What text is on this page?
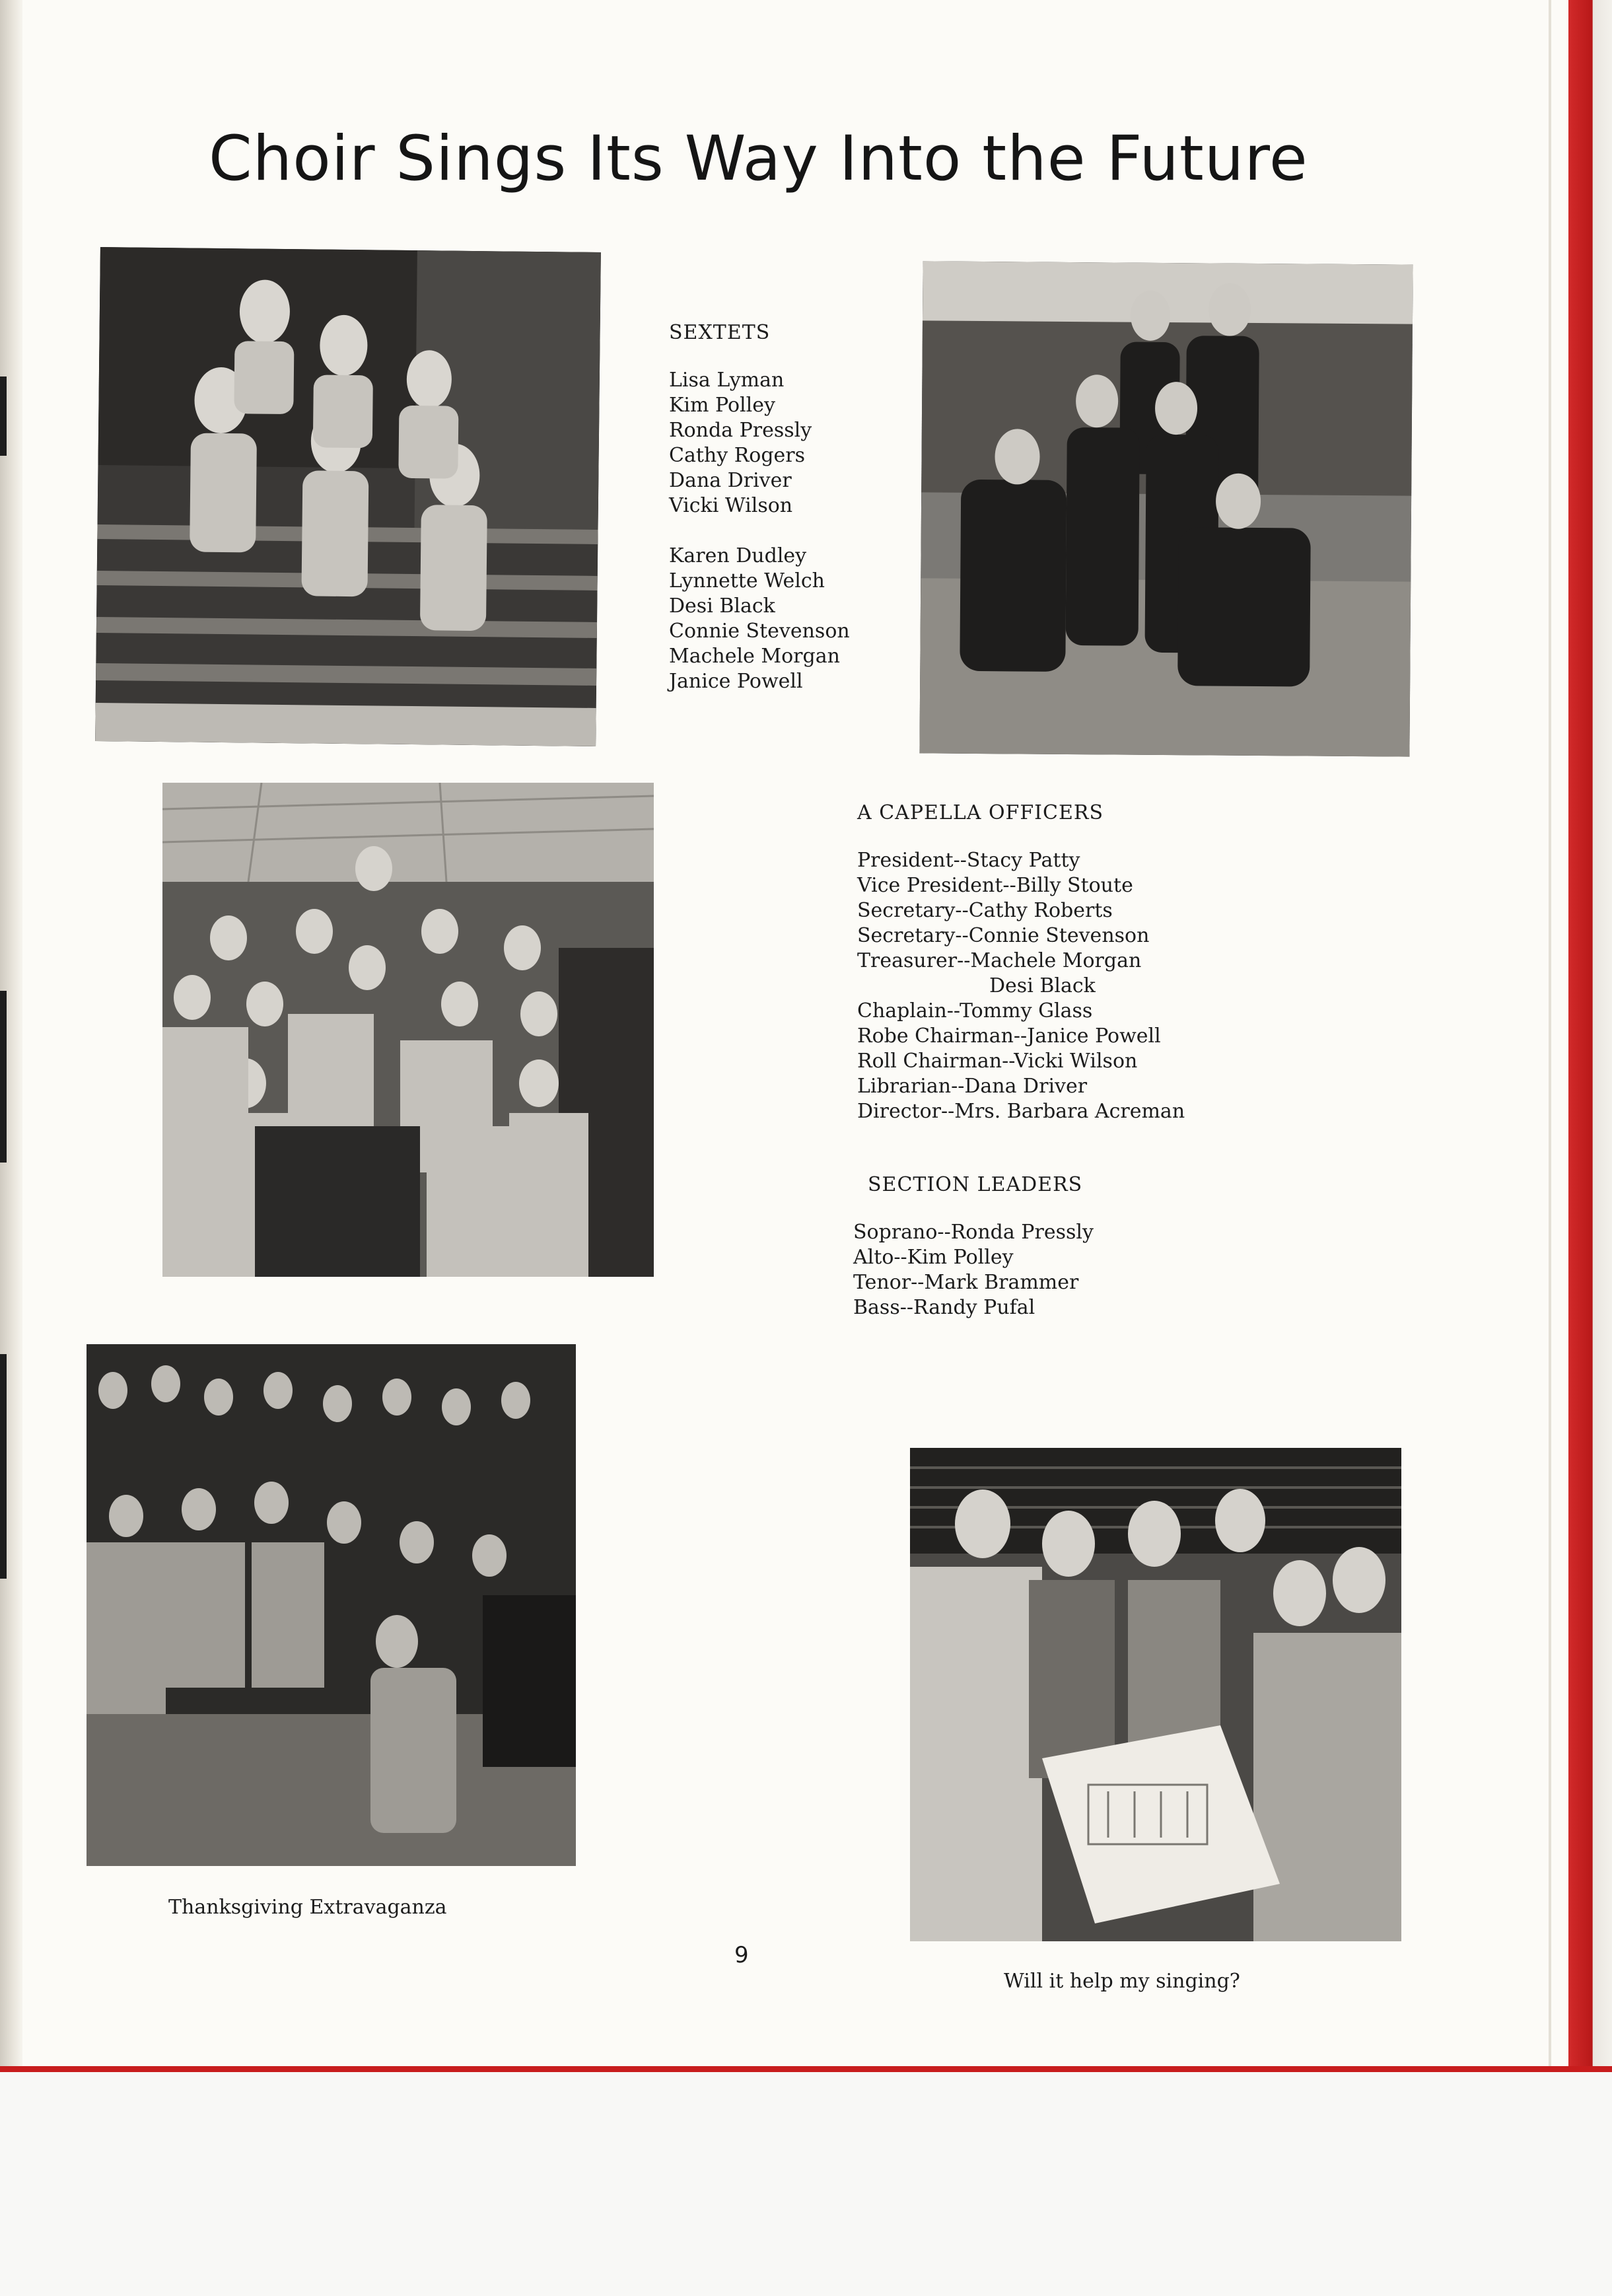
Choir Sings Its Way Into the Future
SEXTETS
Lisa Lyman
Kim Polley
Ronda Pressly
Cathy Rogers
Dana Driver
Vicki Wilson
Karen Dudley
Lynnette Welch
Desi Black
Connie Stevenson
Machele Morgan
Janice Powell
A CAPELLA OFFICERS
President--Stacy Patty
Vice President--Billy Stoute
Secretary--Cathy Roberts
Secretary--Connie Stevenson
Treasurer--Machele Morgan
Desi Black
Chaplain--Tommy Glass
Robe Chairman--Janice Powell
Roll Chairman--Vicki Wilson
Librarian--Dana Driver
Director--Mrs. Barbara Acreman
SECTION LEADERS
Soprano--Ronda Pressly
Alto--Kim Polley
Tenor--Mark Brammer
Bass--Randy Pufal
Thanksgiving Extravaganza
9
Will it help my singing?
